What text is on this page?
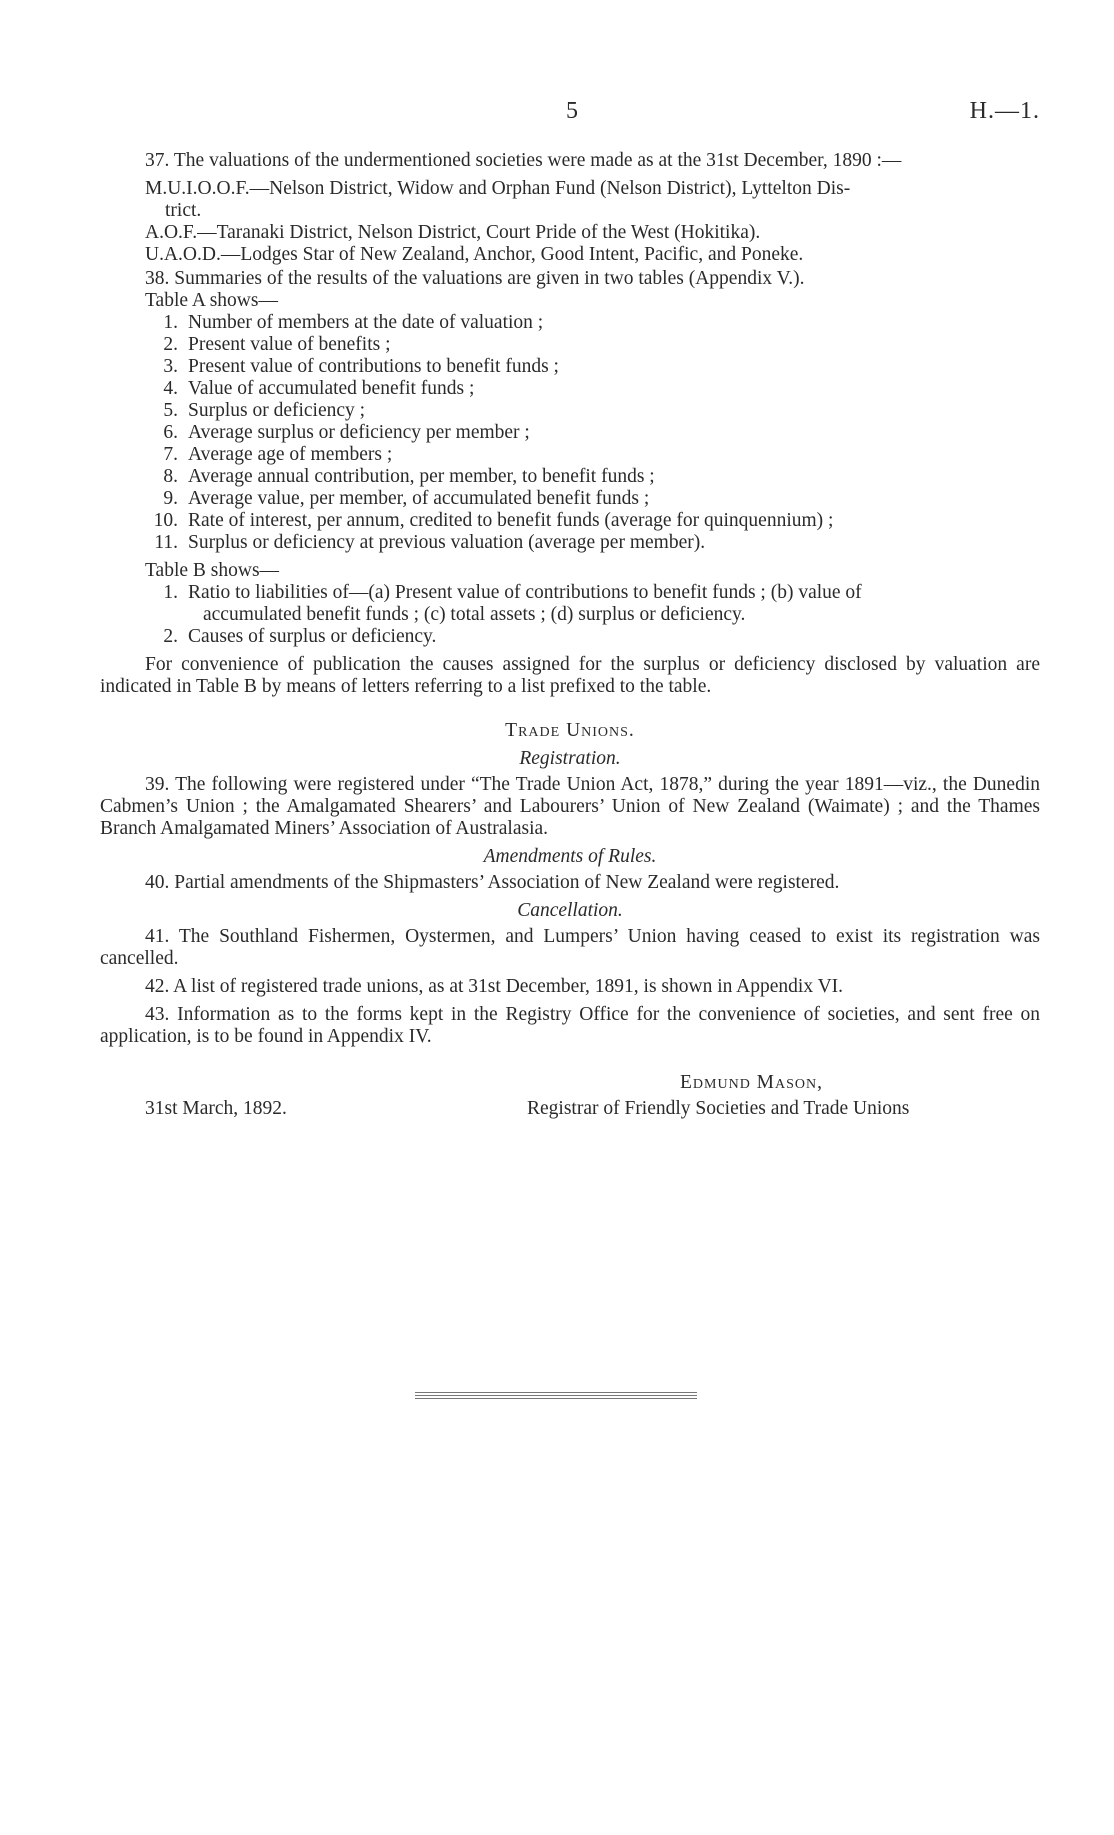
5	H.—1.

37. The valuations of the undermentioned societies were made as at the 31st December, 1890 :—

M.U.I.O.O.F.—Nelson District, Widow and Orphan Fund (Nelson District), Lyttelton Dis-
trict.

A.O.F.—Taranaki District, Nelson District, Court Pride of the West (Hokitika).

U.A.O.D.—Lodges Star of New Zealand, Anchor, Good Intent, Pacific, and Poneke.

38. Summaries of the results of the valuations are given in two tables (Appendix V.).

Table A shows—

1. Number of members at the date of valuation ;
2. Present value of benefits ;
3. Present value of contributions to benefit funds ;
4. Value of accumulated benefit funds ;
5. Surplus or deficiency ;
6. Average surplus or deficiency per member ;
7. Average age of members ;
8. Average annual contribution, per member, to benefit funds ;
9. Average value, per member, of accumulated benefit funds ;
10. Rate of interest, per annum, credited to benefit funds (average for quinquennium) ;
11. Surplus or deficiency at previous valuation (average per member).

Table B shows—

1. Ratio to liabilities of—(a) Present value of contributions to benefit funds ; (b) value of
accumulated benefit funds ; (c) total assets ; (d) surplus or deficiency.
2. Causes of surplus or deficiency.

For convenience of publication the causes assigned for the surplus or deficiency disclosed by valuation are indicated in Table B by means of letters referring to a list prefixed to the table.

Trade Unions.

Registration.

39. The following were registered under “The Trade Union Act, 1878,” during the year 1891—viz., the Dunedin Cabmen’s Union ; the Amalgamated Shearers’ and Labourers’ Union of New Zealand (Waimate) ; and the Thames Branch Amalgamated Miners’ Association of Australasia.

Amendments of Rules.

40. Partial amendments of the Shipmasters’ Association of New Zealand were registered.

Cancellation.

41. The Southland Fishermen, Oystermen, and Lumpers’ Union having ceased to exist its registration was cancelled.

42. A list of registered trade unions, as at 31st December, 1891, is shown in Appendix VI.

43. Information as to the forms kept in the Registry Office for the convenience of societies, and sent free on application, is to be found in Appendix IV.

31st March, 1892.
Edmund Mason,
Registrar of Friendly Societies and Trade Unions
